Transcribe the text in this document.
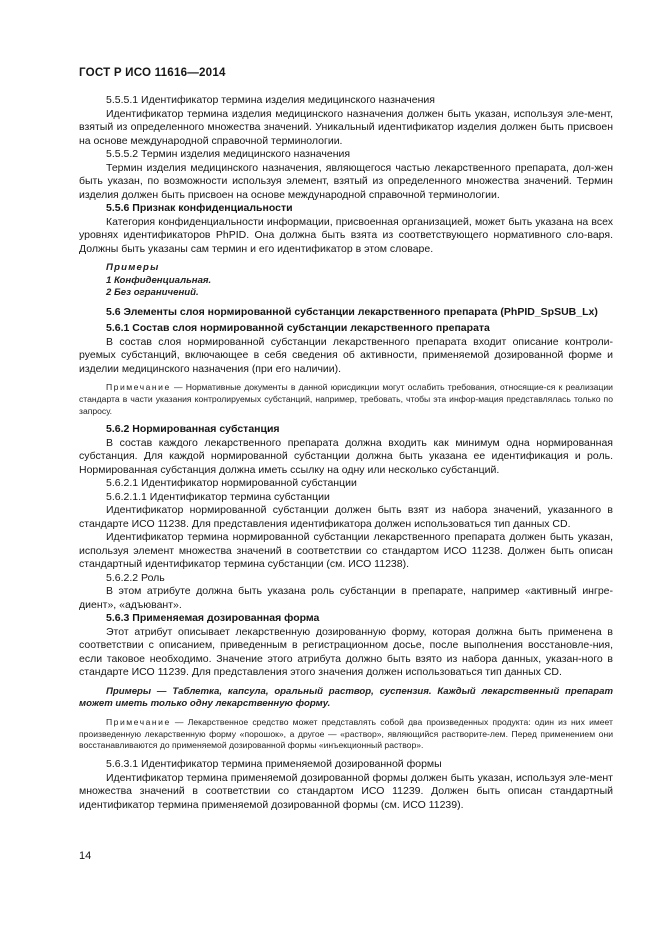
ГОСТ Р ИСО 11616—2014

5.5.5.1 Идентификатор термина изделия медицинского назначения

Идентификатор термина изделия медицинского назначения должен быть указан, используя эле-мент, взятый из определенного множества значений. Уникальный идентификатор изделия должен быть присвоен на основе международной справочной терминологии.

5.5.5.2 Термин изделия медицинского назначения

Термин изделия медицинского назначения, являющегося частью лекарственного препарата, дол-жен быть указан, по возможности используя элемент, взятый из определенного множества значений. Термин изделия должен быть присвоен на основе международной справочной терминологии.

5.5.6 Признак конфиденциальности

Категория конфиденциальности информации, присвоенная организацией, может быть указана на всех уровнях идентификаторов PhPID. Она должна быть взята из соответствующего нормативного сло-варя. Должны быть указаны сам термин и его идентификатор в этом словаре.

Примеры

1 Конфиденциальная.

2 Без ограничений.

5.6 Элементы слоя нормированной субстанции лекарственного препарата (PhPID_SpSUB_Lx)

5.6.1 Состав слоя нормированной субстанции лекарственного препарата

В состав слоя нормированной субстанции лекарственного препарата входит описание контроли-руемых субстанций, включающее в себя сведения об активности, применяемой дозированной форме и изделии медицинского назначения (при его наличии).

Примечание — Нормативные документы в данной юрисдикции могут ослабить требования, относящие-ся к реализации стандарта в части указания контролируемых субстанций, например, требовать, чтобы эта инфор-мация представлялась только по запросу.

5.6.2 Нормированная субстанция

В состав каждого лекарственного препарата должна входить как минимум одна нормированная субстанция. Для каждой нормированной субстанции должна быть указана ее идентификация и роль. Нормированная субстанция должна иметь ссылку на одну или несколько субстанций.

5.6.2.1 Идентификатор нормированной субстанции

5.6.2.1.1 Идентификатор термина субстанции

Идентификатор нормированной субстанции должен быть взят из набора значений, указанного в стандарте ИСО 11238. Для представления идентификатора должен использоваться тип данных CD.

Идентификатор термина нормированной субстанции лекарственного препарата должен быть указан, используя элемент множества значений в соответствии со стандартом ИСО 11238. Должен быть описан стандартный идентификатор термина субстанции (см. ИСО 11238).

5.6.2.2 Роль

В этом атрибуте должна быть указана роль субстанции в препарате, например «активный ингре-диент», «адъювант».

5.6.3 Применяемая дозированная форма

Этот атрибут описывает лекарственную дозированную форму, которая должна быть применена в соответствии с описанием, приведенным в регистрационном досье, после выполнения восстановле-ния, если таковое необходимо. Значение этого атрибута должно быть взято из набора данных, указан-ного в стандарте ИСО 11239. Для представления этого значения должен использоваться тип данных CD.

Примеры — Таблетка, капсула, оральный раствор, суспензия. Каждый лекарственный препарат может иметь только одну лекарственную форму.

Примечание — Лекарственное средство может представлять собой два произведенных продукта: один из них имеет произведенную лекарственную форму «порошок», а другое — «раствор», являющийся растворите-лем. Перед применением они восстанавливаются до применяемой дозированной формы «инъекционный раствор».

5.6.3.1 Идентификатор термина применяемой дозированной формы

Идентификатор термина применяемой дозированной формы должен быть указан, используя эле-мент множества значений в соответствии со стандартом ИСО 11239. Должен быть описан стандартный идентификатор термина применяемой дозированной формы (см. ИСО 11239).

14
